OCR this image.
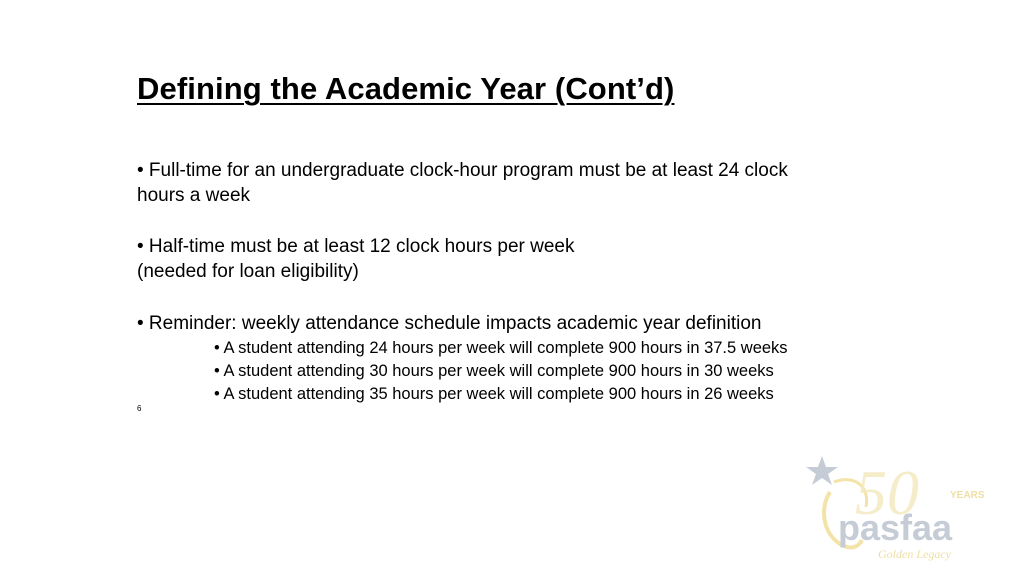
Defining the Academic Year (Cont’d)

• Full-time for an undergraduate clock-hour program must be at least 24 clock
hours a week

• Half-time must be at least 12 clock hours per week
(needed for loan eligibility)

• Reminder: weekly attendance schedule impacts academic year definition

• A student attending 24 hours per week will complete 900 hours in 37.5 weeks
• A student attending 30 hours per week will complete 900 hours in 30 weeks
• A student attending 35 hours per week will complete 900 hours in 26 weeks
6
50	YEARS
pasfaa
Golden Legacy
